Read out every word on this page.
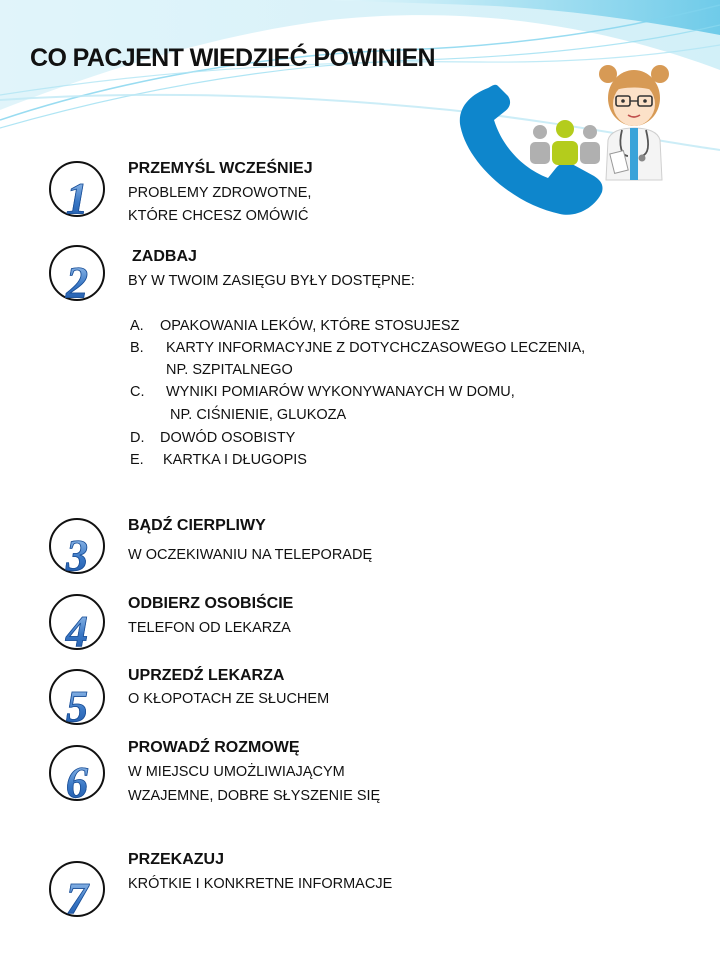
CO PACJENT WIEDZIEĆ POWINIEN
1
PRZEMYŚL WCZEŚNIEJ
PROBLEMY ZDROWOTNE,
KTÓRE CHCESZ OMÓWIĆ
2
ZADBAJ
BY W TWOIM ZASIĘGU BYŁY DOSTĘPNE:
A. OPAKOWANIA LEKÓW, KTÓRE STOSUJESZ
B. KARTY INFORMACYJNE Z DOTYCHCZASOWEGO LECZENIA,
NP. SZPITALNEGO
C. WYNIKI POMIARÓW WYKONYWANAYCH W DOMU,
NP. CIŚNIENIE, GLUKOZA
D. DOWÓD OSOBISTY
E. KARTKA I DŁUGOPIS
3
BĄDŹ CIERPLIWY
W OCZEKIWANIU NA TELEPORADĘ
4
ODBIERZ OSOBIŚCIE
TELEFON OD LEKARZA
5
UPRZEDŹ LEKARZA
O KŁOPOTACH ZE SŁUCHEM
6
PROWADŹ ROZMOWĘ
W MIEJSCU UMOŻLIWIAJĄCYM
WZAJEMNE, DOBRE SŁYSZENIE SIĘ
7
PRZEKAZUJ
KRÓTKIE I KONKRETNE INFORMACJE
